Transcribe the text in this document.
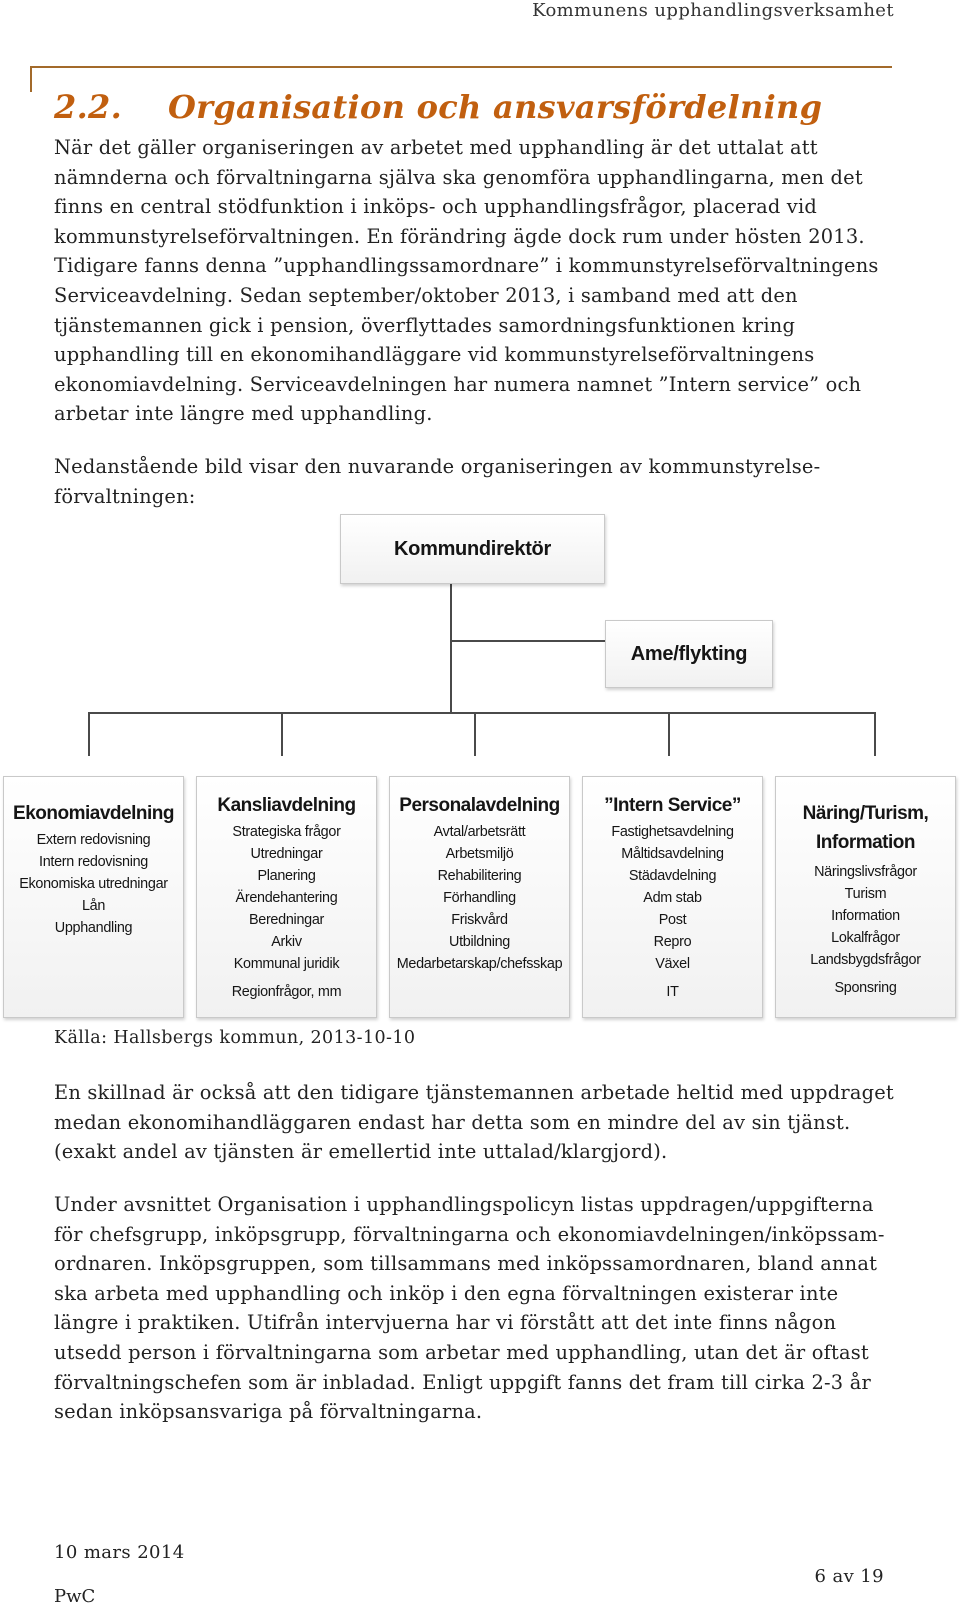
Kommunens upphandlingsverksamhet
2.2. Organisation och ansvarsfördelning

När det gäller organiseringen av arbetet med upphandling är det uttalat att nämnderna och förvaltningarna själva ska genomföra upphandlingarna, men det finns en central stödfunktion i inköps- och upphandlingsfrågor, placerad vid kommunstyrelseförvaltningen. En förändring ägde dock rum under hösten 2013. Tidigare fanns denna ”upphandlingssamordnare” i kommunstyrelseförvaltningens Serviceavdelning. Sedan september/oktober 2013, i samband med att den tjänstemannen gick i pension, överflyttades samordningsfunktionen kring upphandling till en ekonomihandläggare vid kommunstyrelseförvaltningens ekonomiavdelning. Serviceavdelningen har numera namnet ”Intern service” och arbetar inte längre med upphandling.

Nedanstående bild visar den nuvarande organiseringen av kommunstyrelse-förvaltningen:

Kommundirektör
Ame/flykting
Ekonomiavdelning
Extern redovisning
Intern redovisning
Ekonomiska utredningar
Lån
Upphandling
Kansliavdelning
Strategiska frågor
Utredningar
Planering
Ärendehantering
Beredningar
Arkiv
Kommunal juridik
Regionfrågor, mm
Personalavdelning
Avtal/arbetsrätt
Arbetsmiljö
Rehabilitering
Förhandling
Friskvård
Utbildning
Medarbetarskap/chefsskap
”Intern Service”
Fastighetsavdelning
Måltidsavdelning
Städavdelning
Adm stab
Post
Repro
Växel
IT
Näring/Turism,
Information
Näringslivsfrågor
Turism
Information
Lokalfrågor
Landsbygdsfrågor
Sponsring
Källa: Hallsbergs kommun, 2013-10-10

En skillnad är också att den tidigare tjänstemannen arbetade heltid med uppdraget medan ekonomihandläggaren endast har detta som en mindre del av sin tjänst. (exakt andel av tjänsten är emellertid inte uttalad/klargjord).

Under avsnittet Organisation i upphandlingspolicyn listas uppdragen/uppgifterna för chefsgrupp, inköpsgrupp, förvaltningarna och ekonomiavdelningen/inköpssam-ordnaren. Inköpsgruppen, som tillsammans med inköpssamordnaren, bland annat ska arbeta med upphandling och inköp i den egna förvaltningen existerar inte längre i praktiken. Utifrån intervjuerna har vi förstått att det inte finns någon utsedd person i förvaltningarna som arbetar med upphandling, utan det är oftast förvaltningschefen som är inbladad. Enligt uppgift fanns det fram till cirka 2-3 år sedan inköpsansvariga på förvaltningarna.

10 mars 2014
PwC
6 av 19
